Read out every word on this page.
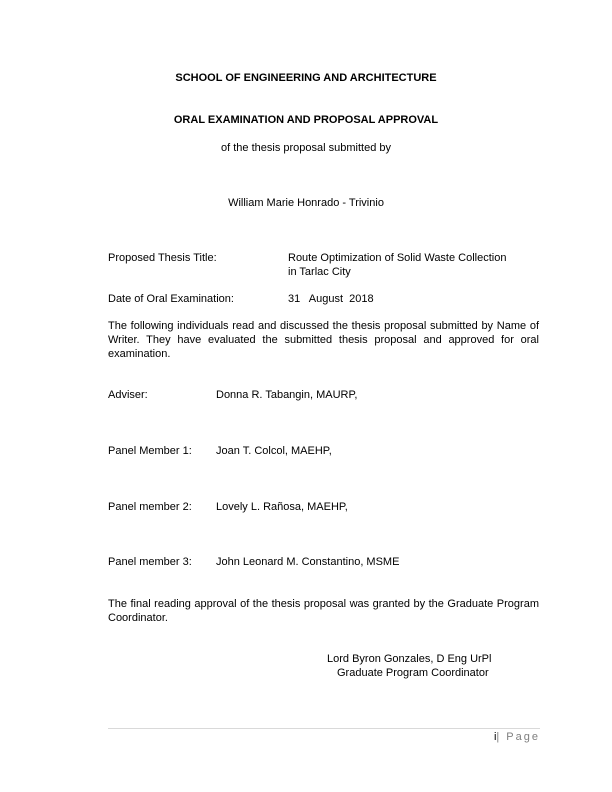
SCHOOL OF ENGINEERING AND ARCHITECTURE
ORAL EXAMINATION AND PROPOSAL APPROVAL
of the thesis proposal submitted by
William Marie Honrado - Trivinio
Proposed Thesis Title:	Route Optimization of Solid Waste Collection
in Tarlac City
Date of Oral Examination:	31   August  2018
The following individuals read and discussed the thesis proposal submitted by Name of Writer. They have evaluated the submitted thesis proposal and approved for oral examination.
Adviser:	Donna R. Tabangin, MAURP,
Panel Member 1: Joan T. Colcol, MAEHP,
Panel member 2: Lovely L. Rañosa, MAEHP,
Panel member 3: John Leonard M. Constantino, MSME
The final reading approval of the thesis proposal was granted by the Graduate Program Coordinator.
Lord Byron Gonzales, D Eng UrPl
Graduate Program Coordinator
i| Page
